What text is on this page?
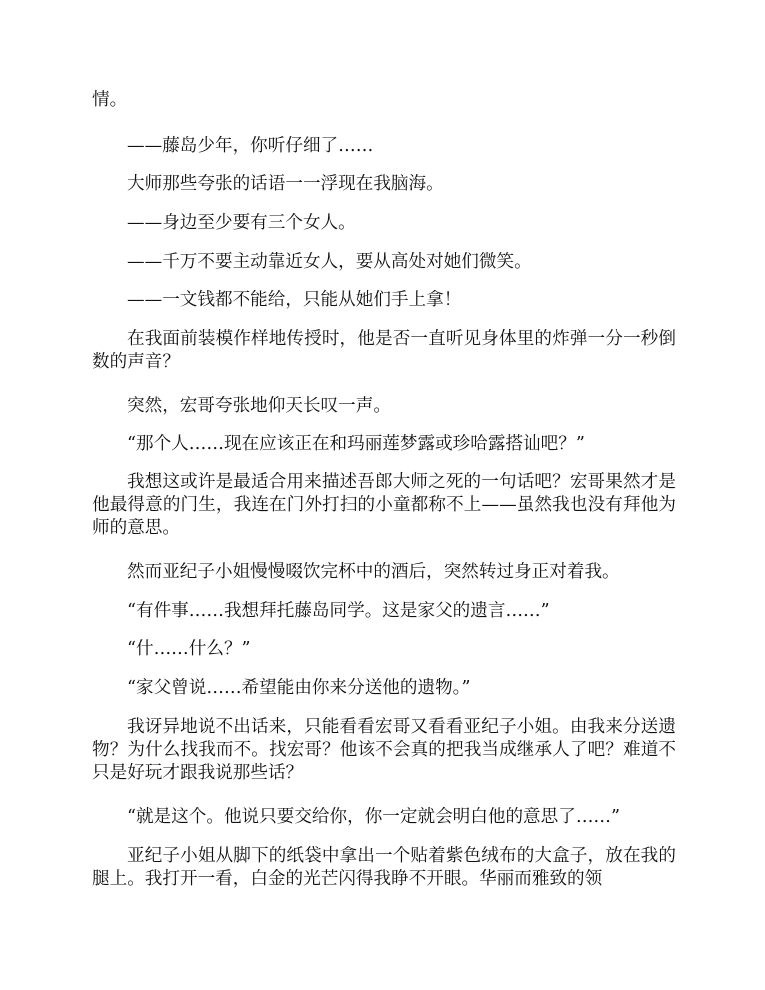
情。

——藤岛少年，你听仔细了……

大师那些夸张的话语一一浮现在我脑海。

——身边至少要有三个女人。

——千万不要主动靠近女人，要从高处对她们微笑。

——一文钱都不能给，只能从她们手上拿！

在我面前装模作样地传授时，他是否一直听见身体里的炸弹一分一秒倒数的声音？

突然，宏哥夸张地仰天长叹一声。

“那个人……现在应该正在和玛丽莲梦露或珍哈露搭讪吧？”

我想这或许是最适合用来描述吾郎大师之死的一句话吧？宏哥果然才是他最得意的门生，我连在门外打扫的小童都称不上——虽然我也没有拜他为师的意思。

然而亚纪子小姐慢慢啜饮完杯中的酒后，突然转过身正对着我。

“有件事……我想拜托藤岛同学。这是家父的遗言……”

“什……什么？”

“家父曾说……希望能由你来分送他的遗物。”

我讶异地说不出话来，只能看看宏哥又看看亚纪子小姐。由我来分送遗物？为什么找我而不。找宏哥？他该不会真的把我当成继承人了吧？难道不只是好玩才跟我说那些话？

“就是这个。他说只要交给你，你一定就会明白他的意思了……”

亚纪子小姐从脚下的纸袋中拿出一个贴着紫色绒布的大盒子，放在我的腿上。我打开一看，白金的光芒闪得我睁不开眼。华丽而雅致的领
